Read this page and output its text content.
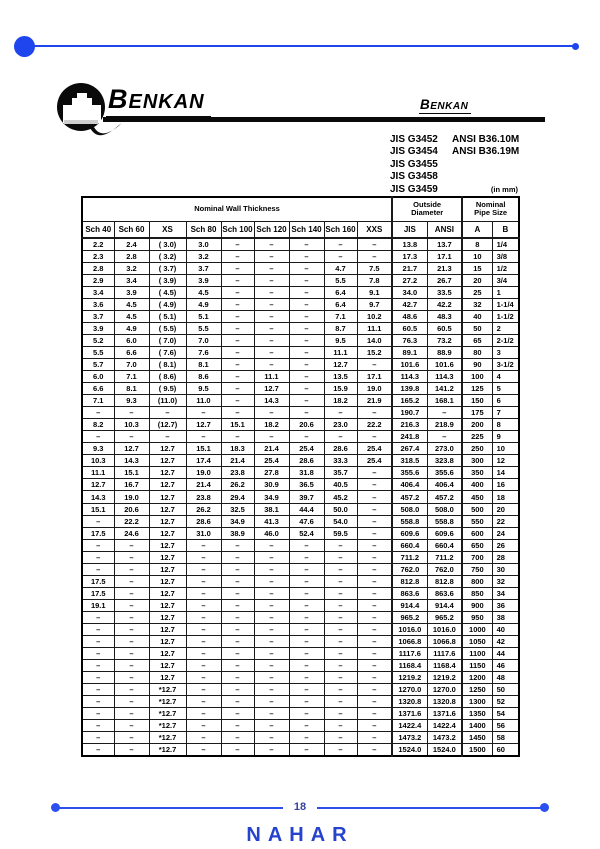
BENKAN	BENKAN
JIS G3452 ANSI B36.10M
JIS G3454 ANSI B36.19M
JIS G3455
JIS G3458
JIS G3459	(in mm)
Nominal Wall Thickness									Outside Diameter		Nominal Pipe Size	
Sch 40	Sch 60	XS	Sch 80	Sch 100	Sch 120	Sch 140	Sch 160	XXS	JIS	ANSI	A	B
2.2	2.4	( 3.0)	3.0	–	–	–	–	–	13.8	13.7	8	1/4
2.3	2.8	( 3.2)	3.2	–	–	–	–	–	17.3	17.1	10	3/8
2.8	3.2	( 3.7)	3.7	–	–	–	4.7	7.5	21.7	21.3	15	1/2
2.9	3.4	( 3.9)	3.9	–	–	–	5.5	7.8	27.2	26.7	20	3/4
3.4	3.9	( 4.5)	4.5	–	–	–	6.4	9.1	34.0	33.5	25	1
3.6	4.5	( 4.9)	4.9	–	–	–	6.4	9.7	42.7	42.2	32	1-1/4
3.7	4.5	( 5.1)	5.1	–	–	–	7.1	10.2	48.6	48.3	40	1-1/2
3.9	4.9	( 5.5)	5.5	–	–	–	8.7	11.1	60.5	60.5	50	2
5.2	6.0	( 7.0)	7.0	–	–	–	9.5	14.0	76.3	73.2	65	2-1/2
5.5	6.6	( 7.6)	7.6	–	–	–	11.1	15.2	89.1	88.9	80	3
5.7	7.0	( 8.1)	8.1	–	–	–	12.7	–	101.6	101.6	90	3-1/2
6.0	7.1	( 8.6)	8.6	–	11.1	–	13.5	17.1	114.3	114.3	100	4
6.6	8.1	( 9.5)	9.5	–	12.7	–	15.9	19.0	139.8	141.2	125	5
7.1	9.3	(11.0)	11.0	–	14.3	–	18.2	21.9	165.2	168.1	150	6
–	–	–	–	–	–	–	–	–	190.7	–	175	7
8.2	10.3	(12.7)	12.7	15.1	18.2	20.6	23.0	22.2	216.3	218.9	200	8
–	–	–	–	–	–	–	–	–	241.8	–	225	9
9.3	12.7	12.7	15.1	18.3	21.4	25.4	28.6	25.4	267.4	273.0	250	10
10.3	14.3	12.7	17.4	21.4	25.4	28.6	33.3	25.4	318.5	323.8	300	12
11.1	15.1	12.7	19.0	23.8	27.8	31.8	35.7	–	355.6	355.6	350	14
12.7	16.7	12.7	21.4	26.2	30.9	36.5	40.5	–	406.4	406.4	400	16
14.3	19.0	12.7	23.8	29.4	34.9	39.7	45.2	–	457.2	457.2	450	18
15.1	20.6	12.7	26.2	32.5	38.1	44.4	50.0	–	508.0	508.0	500	20
–	22.2	12.7	28.6	34.9	41.3	47.6	54.0	–	558.8	558.8	550	22
17.5	24.6	12.7	31.0	38.9	46.0	52.4	59.5	–	609.6	609.6	600	24
–	–	12.7	–	–	–	–	–	–	660.4	660.4	650	26
–	–	12.7	–	–	–	–	–	–	711.2	711.2	700	28
–	–	12.7	–	–	–	–	–	–	762.0	762.0	750	30
17.5	–	12.7	–	–	–	–	–	–	812.8	812.8	800	32
17.5	–	12.7	–	–	–	–	–	–	863.6	863.6	850	34
19.1	–	12.7	–	–	–	–	–	–	914.4	914.4	900	36
–	–	12.7	–	–	–	–	–	–	965.2	965.2	950	38
–	–	12.7	–	–	–	–	–	–	1016.0	1016.0	1000	40
–	–	12.7	–	–	–	–	–	–	1066.8	1066.8	1050	42
–	–	12.7	–	–	–	–	–	–	1117.6	1117.6	1100	44
–	–	12.7	–	–	–	–	–	–	1168.4	1168.4	1150	46
–	–	12.7	–	–	–	–	–	–	1219.2	1219.2	1200	48
–	–	*12.7	–	–	–	–	–	–	1270.0	1270.0	1250	50
–	–	*12.7	–	–	–	–	–	–	1320.8	1320.8	1300	52
–	–	*12.7	–	–	–	–	–	–	1371.6	1371.6	1350	54
–	–	*12.7	–	–	–	–	–	–	1422.4	1422.4	1400	56
–	–	*12.7	–	–	–	–	–	–	1473.2	1473.2	1450	58
–	–	*12.7	–	–	–	–	–	–	1524.0	1524.0	1500	60
18
NAHAR
